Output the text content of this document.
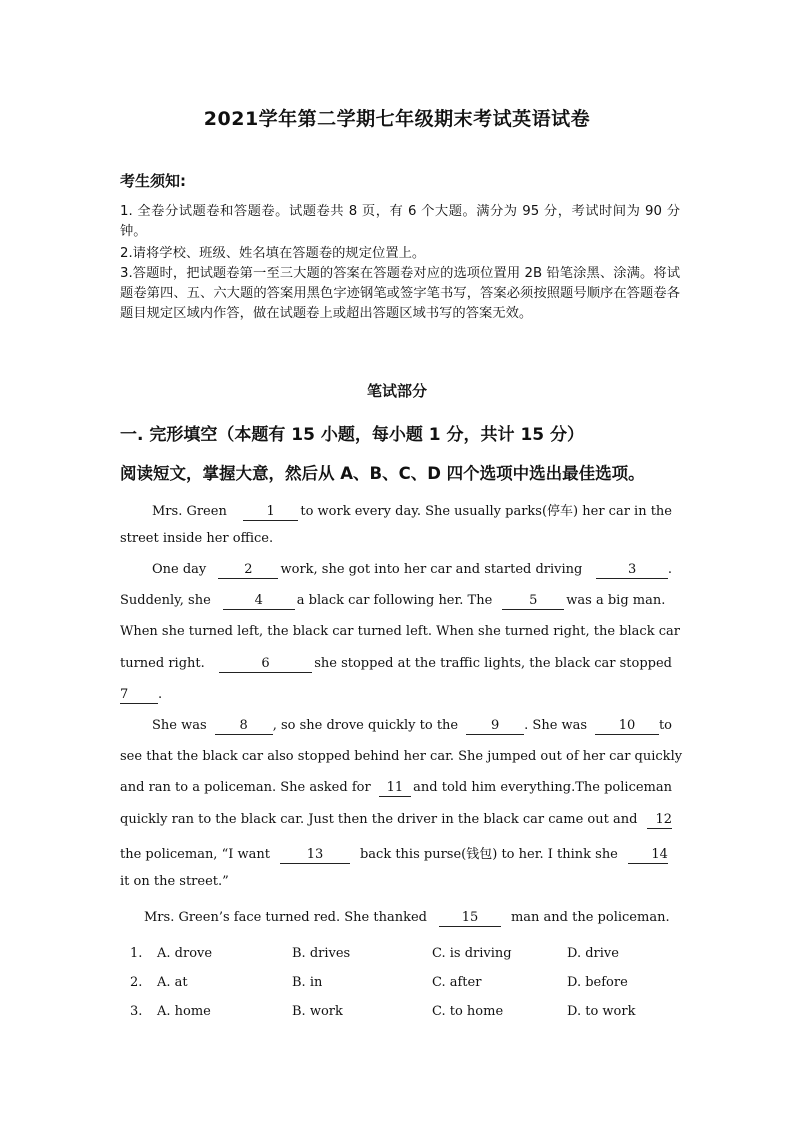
2021学年第二学期七年级期末考试英语试卷
考生须知:
1. 全卷分试题卷和答题卷。试题卷共 8 页，有 6 个大题。满分为 95 分，考试时间为 90 分钟。
2.请将学校、班级、姓名填在答题卷的规定位置上。
3.答题时，把试题卷第一至三大题的答案在答题卷对应的选项位置用 2B 铅笔涂黑、涂满。将试题卷第四、五、六大题的答案用黑色字迹钢笔或签字笔书写，答案必须按照题号顺序在答题卷各题目规定区域内作答，做在试题卷上或超出答题区域书写的答案无效。
笔试部分
一. 完形填空（本题有 15 小题，每小题 1 分，共计 15 分）
阅读短文，掌握大意，然后从 A、B、C、D 四个选项中选出最佳选项。
Mrs. Green	1	to work every day. She usually parks(停车) her car in the
street inside her office.
One day	2	work, she got into her car and started driving	3	.
Suddenly, she	4	a black car following her. The	5	was a big man.
When she turned left, the black car turned left. When she turned right, the black car
turned right.	6	she stopped at the traffic lights, the black car stopped
7	.
She was	8	, so she drove quickly to the	9	. She was	10	to
see that the black car also stopped behind her car. She jumped out of her car quickly
and ran to a policeman. She asked for	11 and told him everything.The policeman
quickly ran to the black car. Just then the driver in the black car came out and	12
the policeman, “I want	13	back this purse(钱包) to her. I think she	14
it on the street.”
Mrs. Green’s face turned red. She thanked	15	man and the policeman.
1. A. drove	B. drives	C. is driving	D. drive
2. A. at	B. in	C. after	D. before
3. A. home	B. work	C. to home	D. to work
